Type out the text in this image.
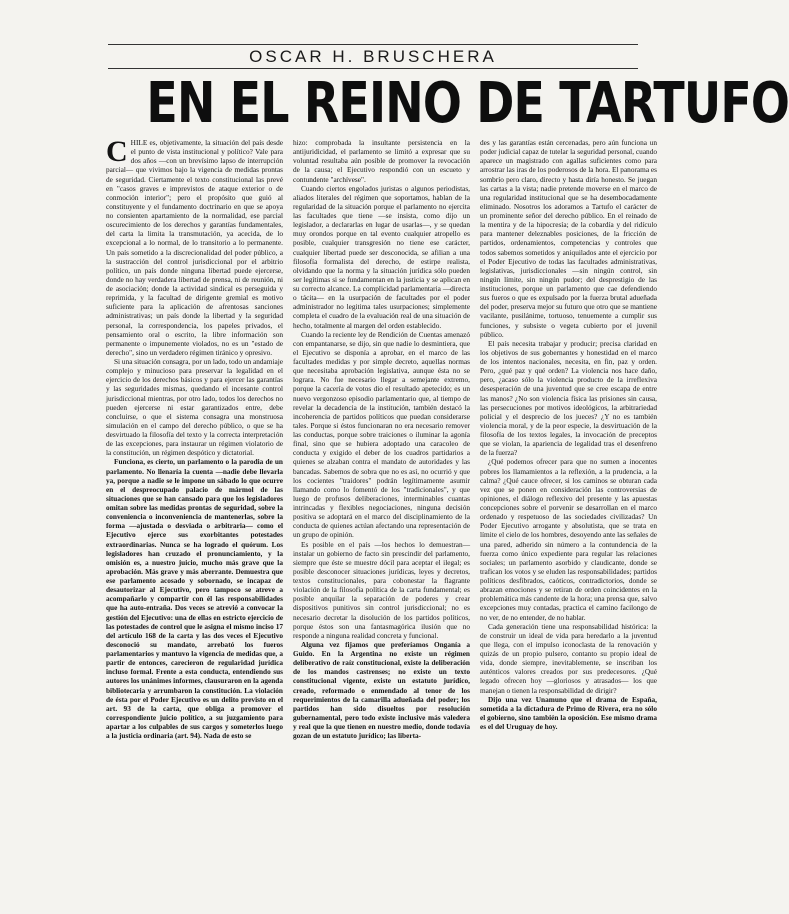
OSCAR H. BRUSCHERA
EN EL REINO DE TARTUFO

CHILE es, objetivamente, la situación del país desde el punto de vista institucional y político? Vale para dos años —con un brevísimo lapso de interrupción parcial— que vivimos bajo la vigencia de medidas prontas de seguridad. Ciertamente el texto constitucional las prevé en "casos graves e imprevistos de ataque exterior o de conmoción interior"; pero el propósito que guió al constituyente y el fundamento doctrinario en que se apoya no consienten apartamiento de la normalidad, ese parcial oscurecimiento de los derechos y garantías fundamentales, del carta la limita la transmutación, ya acecida, de lo excepcional a lo normal, de lo transitorio a lo permanente. Un país sometido a la discrecionalidad del poder público, a la sustracción del control jurisdiccional por el arbitrio político, un país donde ninguna libertad puede ejercerse, donde no hay verdadera libertad de prensa, ni de reunión, ni de asociación; donde la actividad sindical es perseguida y reprimida, y la facultad de dirigente gremial es motivo suficiente para la aplicación de afrentosas sanciones administrativas; un país donde la libertad y la seguridad personal, la correspondencia, los papeles privados, el pensamiento oral o escrito, la libre información son permanente o impunemente violados, no es un "estado de derecho", sino un verdadero régimen tiránico y opresivo.

Si una situación consagra, por un lado, todo un andamiaje complejo y minucioso para preservar la legalidad en el ejercicio de los derechos básicos y para ejercer las garantías y las seguridades mismas, quedando el incesante control jurisdiccional mientras, por otro lado, todos los derechos no pueden ejercerse ni estar garantizados entre, debe concluirse, o que el sistema consagra una monstruosa simulación en el campo del derecho público, o que se ha desvirtuado la filosofía del texto y la correcta interpretación de las excepciones, para instaurar un régimen violatorio de la constitución, un régimen despótico y dictatorial.

Funciona, es cierto, un parlamento o la parodia de un parlamento. No llenaría la cuenta —nadie debe llevarla ya, porque a nadie se le impone un sábado lo que ocurre en el despreocupado palacio de mármol de las situaciones que se han cansado para que los legisladores omitan sobre las medidas prontas de seguridad, sobre la conveniencia o inconveniencia de mantenerlas, sobre la forma —ajustada o desviada o arbitraria— como el Ejecutivo ejerce sus exorbitantes potestades extraordinarias. Nunca se ha logrado el quórum. Los legisladores han cruzado el pronunciamiento, y la omisión es, a nuestro juicio, mucho más grave que la aprobación. Más grave y más aberrante. Demuestra que ese parlamento acosado y sobornado, se incapaz de desautorizar al Ejecutivo, pero tampoco se atreve a acompañarlo y compartir con él las responsabilidades que ha auto-entraña. Dos veces se atrevió a convocar la gestión del Ejecutivo: una de ellas en estricto ejercicio de las potestades de control que le asigna el mismo inciso 17 del artículo 168 de la carta y las dos veces el Ejecutivo desconoció su mandato, arrebató los fueros parlamentarios y mantuvo la vigencia de medidas que, a partir de entonces, carecieron de regularidad jurídica incluso formal. Frente a esta conducta, entendiendo sus autores los unánimes informes, clausuraron en la agenda bibliotecaria y arrumbaron la constitución. La violación de ésta por el Poder Ejecutivo es un delito previsto en el art. 93 de la carta, que obliga a promover el correspondiente juicio político, a su juzgamiento para apartar a los culpables de sus cargos y someterlos luego a la justicia ordinaria (art. 94). Nada de esto se

hizo: comprobada la insultante persistencia en la antijuridicidad, el parlamento se limitó a expresar que su voluntad resultaba aún posible de promover la revocación de la causa; el Ejecutivo respondió con un escueto y contundente "archívese".

Cuando ciertos engolados juristas o algunos periodistas, aliados literales del régimen que soportamos, hablan de la regularidad de la situación porque el parlamento no ejercita las facultades que tiene —se insista, como dijo un legislador, a declararlas en lugar de usarlas—, y se quedan muy orondos porque en tal evento cualquier atropello es posible, cualquier transgresión no tiene ese carácter, cualquier libertad puede ser desconocida, se afilian a una filosofía formalista del derecho, de estirpe realista, olvidando que la norma y la situación jurídica sólo pueden ser legítimas si se fundamentan en la justicia y se aplican en su correcto alcance. La complicidad parlamentaria —directa o tácita— en la usurpación de facultades por el poder administrador no legitima tales usurpaciones; simplemente completa el cuadro de la evaluación real de una situación de hecho, totalmente al margen del orden establecido.

Cuando la reciente ley de Rendición de Cuentas amenazó con empantanarse, se dijo, sin que nadie lo desmintiera, que el Ejecutivo se disponía a aprobar, en el marco de las facultades medidas y por simple decreto, aquellas normas que necesitaba aprobación legislativa, aunque ésta no se lograra. No fue necesario llegar a semejante extremo, porque la cacería de votos dio el resultado apetecido; es un nuevo vergonzoso episodio parlamentario que, al tiempo de revelar la decadencia de la institución, también destacó la incoherencia de partidos políticos que puedan considerarse tales. Porque si éstos funcionaran no era necesario remover las conductas, porque sobre traiciones o iluminar la agonía final, sino que se hubiera adoptado una caracoleo de conducta y exigido el deber de los cuadros partidarios a quienes se alzaban contra el mandato de autoridades y las bancadas. Sabemos de sobra que no es así, no ocurrió y que los cocientes "traidores" podrán legítimamente asumir llamando como lo fomentó de los "tradicionales", y que luego de profusos deliberaciones, interminables cuantas intrincadas y flexibles negociaciones, ninguna decisión positiva se adoptará en el marco del disciplinamiento de la conducta de quienes actúan afectando una representación de un grupo de opinión.

Es posible en el país —los hechos lo demuestran— instalar un gobierno de facto sin prescindir del parlamento, siempre que éste se muestre dócil para aceptar el ilegal; es posible desconocer situaciones jurídicas, leyes y decretos, textos constitucionales, para cobonestar la flagrante violación de la filosofía política de la carta fundamental; es posible anquilar la separación de poderes y crear dispositivos punitivos sin control jurisdiccional; no es necesario decretar la disolución de los partidos políticos, porque éstos son una fantasmagórica ilusión que no responde a ninguna realidad concreta y funcional.

Alguna vez fijamos que preferíamos Onganía a Guido. En la Argentina no existe un régimen deliberativo de raíz constitucional, existe la deliberación de los mandos castrenses; no existe un texto constitucional vigente, existe un estatuto jurídico, creado, reformado o enmendado al tenor de los requerimientos de la camarilla adueñada del poder; los partidos han sido disueltos por resolución gubernamental, pero todo existe inclusive más valedera y real que la que tienen en nuestro medio, donde todavía gozan de un estatuto jurídico; las liberta-

des y las garantías están cercenadas, pero aún funciona un poder judicial capaz de tutelar la seguridad personal, cuando aparece un magistrado con agallas suficientes como para arrostrar las iras de los poderosos de la hora. El panorama es sombrío pero claro, directo y hasta diría honesto. Se juegan las cartas a la vista; nadie pretende moverse en el marco de una regularidad institucional que se ha desembocadamente eliminado. Nosotros los adoramos a Tartufo el carácter de un prominente señor del derecho público. En el reinado de la mentira y de la hipocresía; de la cobardía y del ridículo para mantener deleznables posiciones, de la fricción de partidos, ordenamientos, competencias y controles que todos sabemos sometidos y aniquilados ante el ejercicio por el Poder Ejecutivo de todas las facultades administrativas, legislativas, jurisdiccionales —sin ningún control, sin ningún límite, sin ningún pudor; del desprestigio de las instituciones, porque un parlamento que cae defendiendo sus fueros o que es expulsado por la fuerza brutal adueñada del poder, preserva mejor su futuro que otro que se mantiene vacilante, pusilánime, tortuoso, tenuemente a cumplir sus funciones, y subsiste o vegeta cubierto por el juvenil público.

El país necesita trabajar y producir; precisa claridad en los objetivos de sus gobernantes y honestidad en el marco de los intentos nacionales, necesita, en fin, paz y orden. Pero, ¿qué paz y qué orden? La violencia nos hace daño, pero, ¿acaso sólo la violencia producto de la irreflexiva desesperación de una juventud que se cree escapa de entre las manos? ¿No son violencia física las prisiones sin causa, las persecuciones por motivos ideológicos, la arbitrariedad policial y el desprecio de los jueces? ¿Y no es también violencia moral, y de la peor especie, la desvirtuación de la filosofía de los textos legales, la invocación de preceptos que se violan, la apariencia de legalidad tras el desenfreno de la fuerza?

¿Qué podemos ofrecer para que no sumen a inocentes pobres los llamamientos a la reflexión, a la prudencia, a la calma? ¿Qué cauce ofrecer, si los caminos se obturan cada vez que se ponen en consideración las controversias de opiniones, el diálogo reflexivo del presente y las apuestas concepciones sobre el porvenir se desarrollan en el marco ordenado y respetuoso de las sociedades civilizadas? Un Poder Ejecutivo arrogante y absolutista, que se trata en límite el cielo de los hombres, desoyendo ante las señales de una pared, adherido sin número a la contundencia de la fuerza como único expediente para regular las relaciones sociales; un parlamento asorbido y claudicante, donde se trafican los votos y se eluden las responsabilidades; partidos políticos desfibrados, caóticos, contradictorios, donde se abrazan emociones y se retiran de orden coincidentes en la problemática más candente de la hora; una prensa que, salvo excepciones muy contadas, practica el camino facilongo de no ver, de no entender, de no hablar.

Cada generación tiene una responsabilidad histórica: la de construir un ideal de vida para heredarlo a la juventud que llega, con el impulso iconoclasta de la renovación y quizás de un propio pulsero, contanto su propio ideal de vida, donde siempre, inevitablemente, se inscriban los auténticos valores creados por sus predecesores. ¿Qué legado ofrecen hoy —gloriosos y atrasados— los que manejan o tienen la responsabilidad de dirigir?

Dijo una vez Unamuno que el drama de España, sometida a la dictadura de Primo de Rivera, era no sólo el gobierno, sino también la oposición. Ese mismo drama es el del Uruguay de hoy.
